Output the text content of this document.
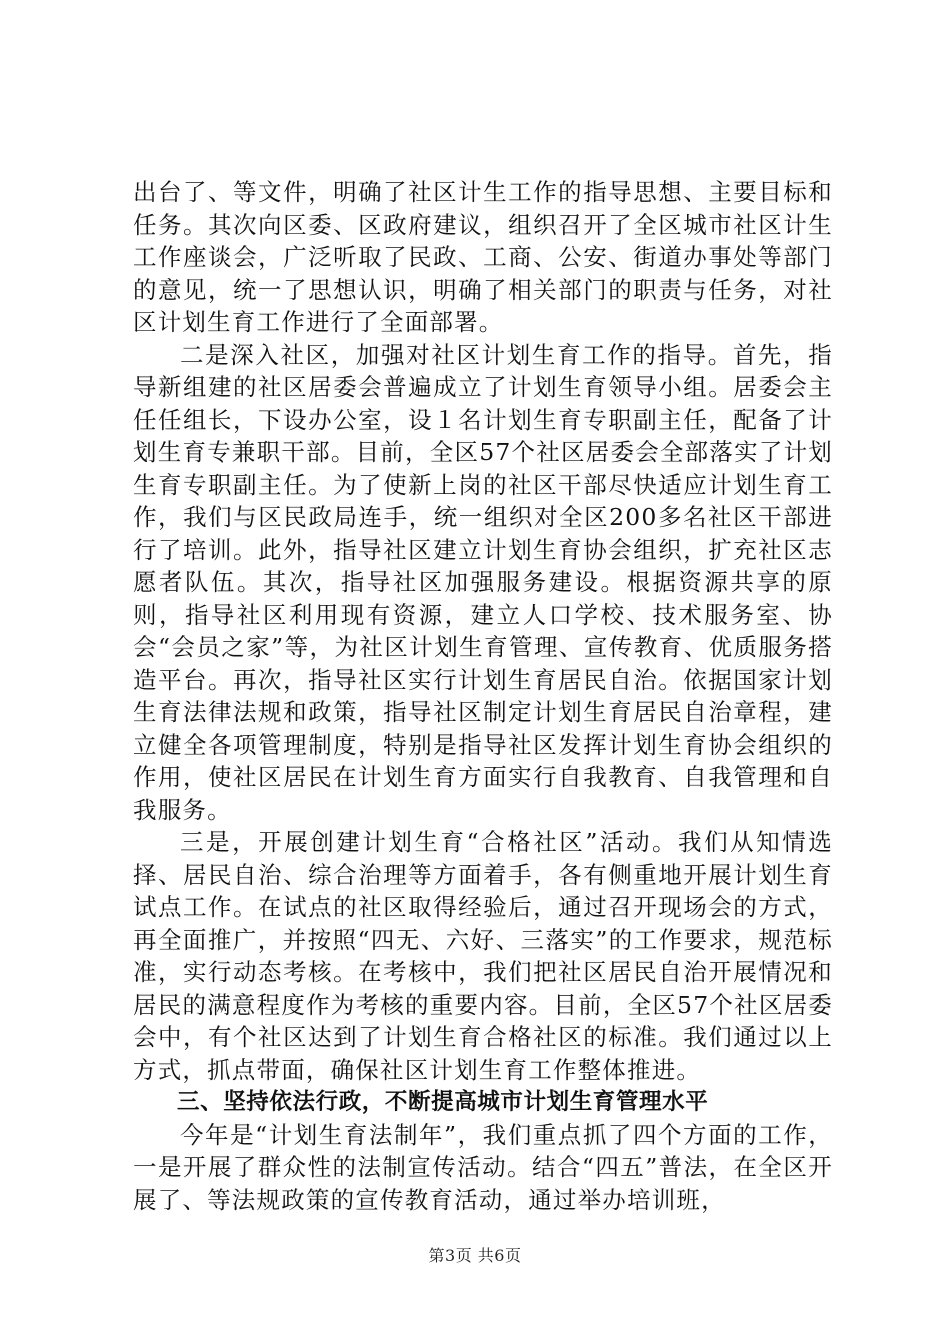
出台了、等文件，明确了社区计生工作的指导思想、主要目标和任务。其次向区委、区政府建议，组织召开了全区城市社区计生工作座谈会，广泛听取了民政、工商、公安、街道办事处等部门的意见，统一了思想认识，明确了相关部门的职责与任务，对社区计划生育工作进行了全面部署。

二是深入社区，加强对社区计划生育工作的指导。首先，指导新组建的社区居委会普遍成立了计划生育领导小组。居委会主任任组长，下设办公室，设１名计划生育专职副主任，配备了计划生育专兼职干部。目前，全区57个社区居委会全部落实了计划生育专职副主任。为了使新上岗的社区干部尽快适应计划生育工作，我们与区民政局连手，统一组织对全区200多名社区干部进行了培训。此外，指导社区建立计划生育协会组织，扩充社区志愿者队伍。其次，指导社区加强服务建设。根据资源共享的原则，指导社区利用现有资源，建立人口学校、技术服务室、协会“会员之家”等，为社区计划生育管理、宣传教育、优质服务搭造平台。再次，指导社区实行计划生育居民自治。依据国家计划生育法律法规和政策，指导社区制定计划生育居民自治章程，建立健全各项管理制度，特别是指导社区发挥计划生育协会组织的作用，使社区居民在计划生育方面实行自我教育、自我管理和自我服务。

三是，开展创建计划生育“合格社区”活动。我们从知情选择、居民自治、综合治理等方面着手，各有侧重地开展计划生育试点工作。在试点的社区取得经验后，通过召开现场会的方式，再全面推广，并按照“四无、六好、三落实”的工作要求，规范标准，实行动态考核。在考核中，我们把社区居民自治开展情况和居民的满意程度作为考核的重要内容。目前，全区57个社区居委会中，有个社区达到了计划生育合格社区的标准。我们通过以上方式，抓点带面，确保社区计划生育工作整体推进。

三、坚持依法行政，不断提高城市计划生育管理水平

今年是“计划生育法制年”，我们重点抓了四个方面的工作，一是开展了群众性的法制宣传活动。结合“四五”普法，在全区开展了、等法规政策的宣传教育活动，通过举办培训班，

第3页 共6页
